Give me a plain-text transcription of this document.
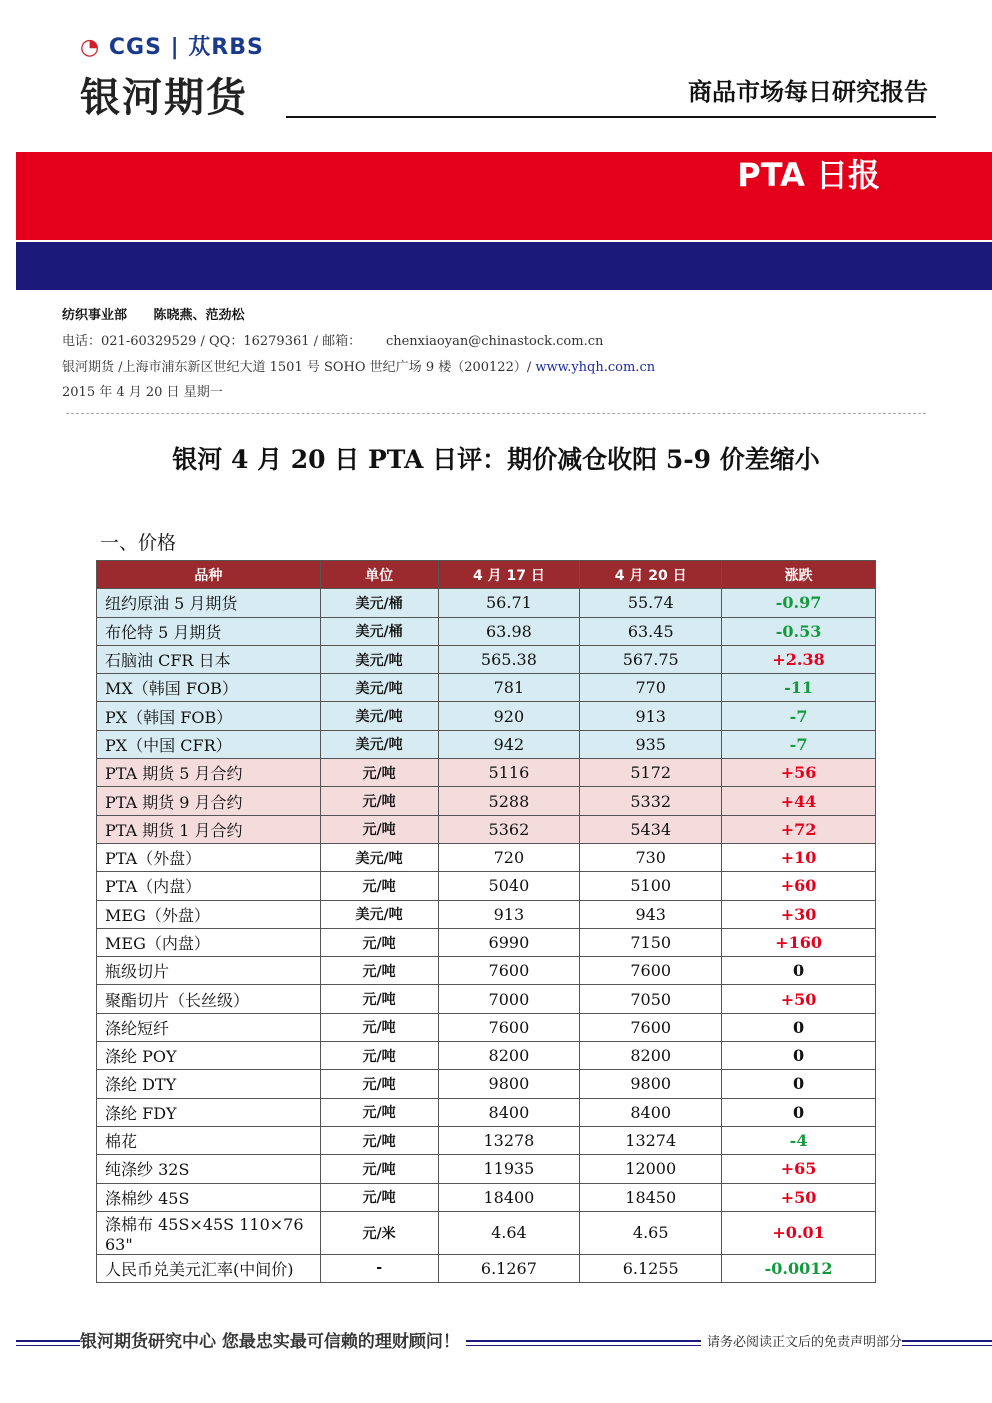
◔ CGS | 苁RBS
银河期货	商品市场每日研究报告
PTA 日报
纺织事业部 陈晓燕、范劲松
电话：021-60329529 / QQ：16279361 / 邮箱：      chenxiaoyan@chinastock.com.cn
银河期货 /上海市浦东新区世纪大道 1501 号 SOHO 世纪广场 9 楼（200122）/ www.yhqh.com.cn
2015 年 4 月 20 日 星期一
银河 4 月 20 日 PTA 日评：期价减仓收阳 5-9 价差缩小
一、价格
品种	单位	4 月 17 日	4 月 20 日	涨跌
纽约原油 5 月期货	美元/桶	56.71	55.74	-0.97
布伦特 5 月期货	美元/桶	63.98	63.45	-0.53
石脑油 CFR 日本	美元/吨	565.38	567.75	+2.38
MX（韩国 FOB）	美元/吨	781	770	-11
PX（韩国 FOB）	美元/吨	920	913	-7
PX（中国 CFR）	美元/吨	942	935	-7
PTA 期货 5 月合约	元/吨	5116	5172	+56
PTA 期货 9 月合约	元/吨	5288	5332	+44
PTA 期货 1 月合约	元/吨	5362	5434	+72
PTA（外盘）	美元/吨	720	730	+10
PTA（内盘）	元/吨	5040	5100	+60
MEG（外盘）	美元/吨	913	943	+30
MEG（内盘）	元/吨	6990	7150	+160
瓶级切片	元/吨	7600	7600	0
聚酯切片（长丝级）	元/吨	7000	7050	+50
涤纶短纤	元/吨	7600	7600	0
涤纶 POY	元/吨	8200	8200	0
涤纶 DTY	元/吨	9800	9800	0
涤纶 FDY	元/吨	8400	8400	0
棉花	元/吨	13278	13274	-4
纯涤纱 32S	元/吨	11935	12000	+65
涤棉纱 45S	元/吨	18400	18450	+50
涤棉布 45S×45S 110×76 63"	元/米	4.64	4.65	+0.01
人民币兑美元汇率(中间价)	-	6.1267	6.1255	-0.0012
银河期货研究中心 您最忠实最可信赖的理财顾问！	请务必阅读正文后的免责声明部分
